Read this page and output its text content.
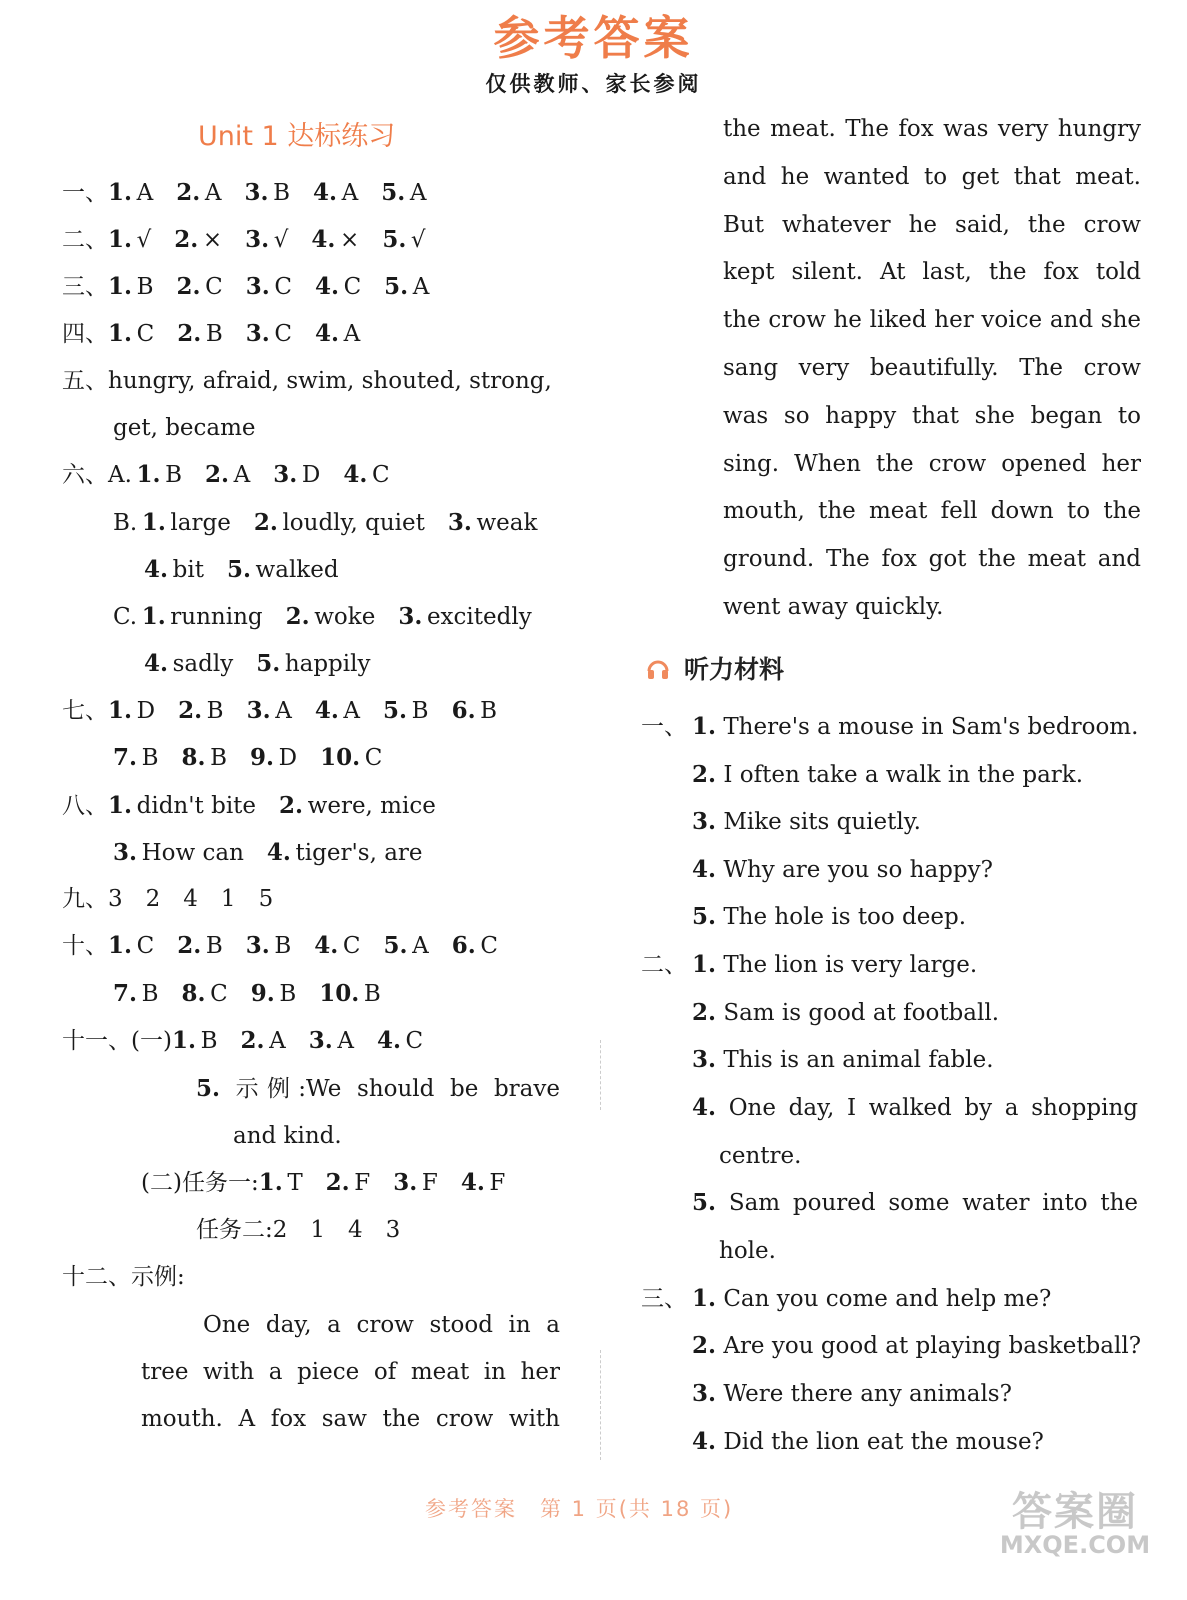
参考答案
仅供教师、家长参阅
Unit 1 达标练习
一、1.  A  2.  A  3.  B  4.  A  5.  A
二、1.  √  2.  ×  3.  √  4.  ×  5.  √
三、1.  B  2.  C  3.  C  4.  C  5.  A
四、1.  C  2.  B  3.  C  4.  A
五、hungry, afraid, swim, shouted, strong,
get, became
六、A.  1.  B  2.  A  3.  D  4.  C
B.  1.  large  2.  loudly, quiet  3.  weak
4.  bit  5.  walked
C.  1.  running  2.  woke  3.  excitedly
4.  sadly  5.  happily
七、1.  D  2.  B  3.  A  4.  A  5.  B  6.  B
7.  B  8.  B  9.  D  10.  C
八、1.  didn't bite  2.  were, mice
3.  How can  4.  tiger's, are
九、3  2  4  1  5
十、1.  C  2.  B  3.  B  4.  C  5.  A  6.  C
7.  B  8.  C  9.  B  10.  B
十一、(一)1.  B  2.  A  3.  A  4.  C
5. 示例:We should be brave
and kind.
(二)任务一:1.  T  2.  F  3.  F  4.  F
任务二:2　1　4　3
十二、示例:
One day, a crow stood in a
tree with a piece of meat in her
mouth. A fox saw the crow with
the meat. The fox was very hungry
and he wanted to get that meat.
But whatever he said, the crow
kept silent. At last, the fox told
the crow he liked her voice and she
sang very beautifully. The crow
was so happy that she began to
sing. When the crow opened her
mouth, the meat fell down to the
ground. The fox got the meat and
went away quickly.
听力材料
一、 1. There's a mouse in Sam's bedroom.
2. I often take a walk in the park.
3. Mike sits quietly.
4. Why are you so happy?
5. The hole is too deep.
二、 1. The lion is very large.
2. Sam is good at football.
3. This is an animal fable.
4. One day, I walked by a shopping
centre.
5. Sam poured some water into the
hole.
三、 1. Can you come and help me?
2. Are you good at playing basketball?
3. Were there any animals?
4. Did the lion eat the mouse?
参考答案　第 1 页(共 18 页)	答案圈
MXQE.COM
